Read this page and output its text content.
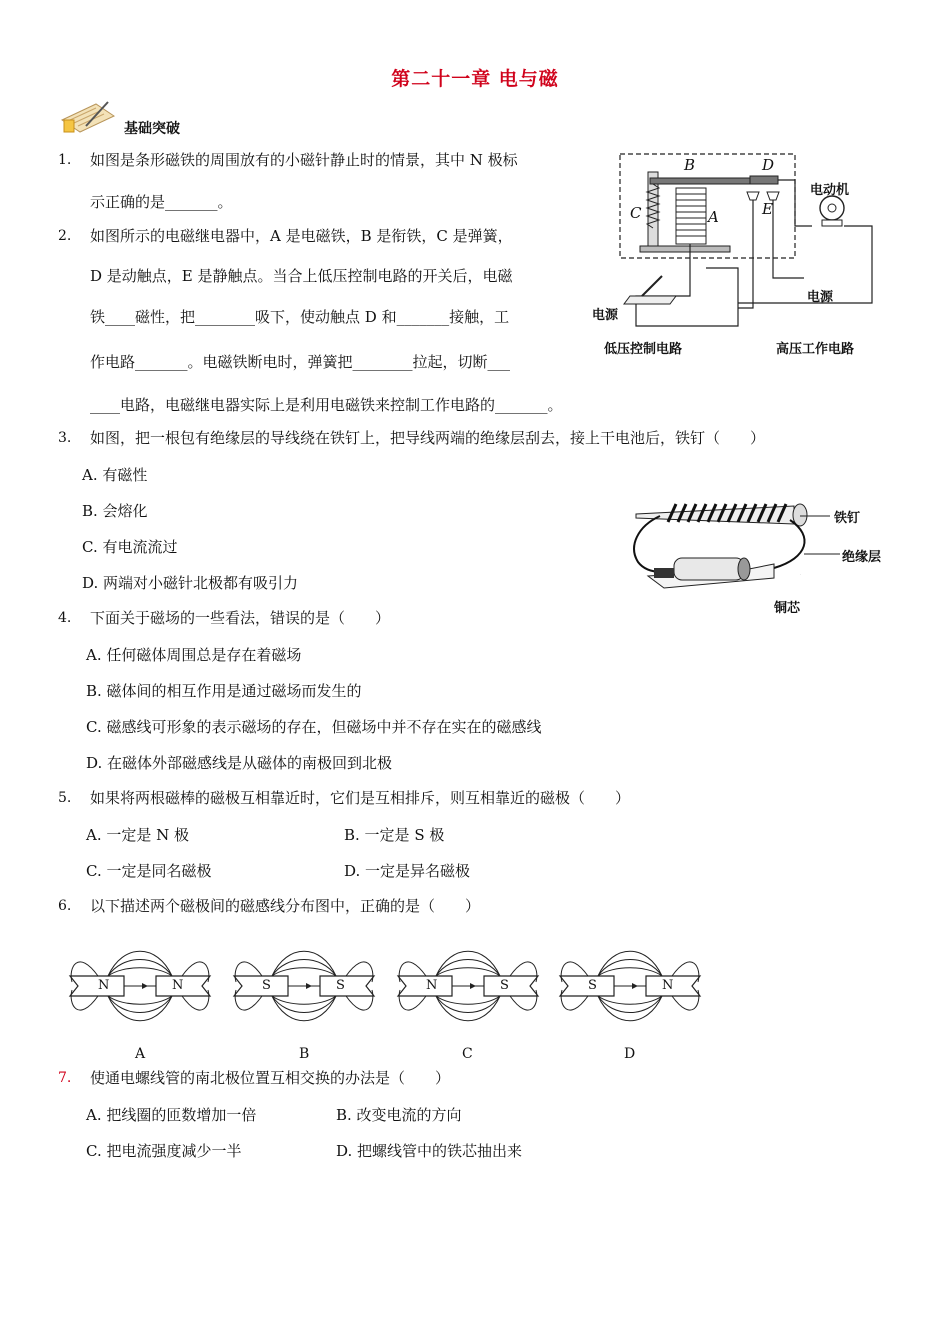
第二十一章 电与磁
基础突破
1. 如图是条形磁铁的周围放有的小磁针静止时的情景，其中 N 极标
示正确的是_______。
2. 如图所示的电磁继电器中，A 是电磁铁，B 是衔铁，C 是弹簧，
D 是动触点，E 是静触点。当合上低压控制电路的开关后，电磁
铁____磁性，把________吸下，使动触点 D 和_______接触，工
作电路_______。电磁铁断电时，弹簧把________拉起，切断___
____电路，电磁继电器实际上是利用电磁铁来控制工作电路的_______。
B	D
C	A	E
电动机
电源
电源
低压控制电路	高压工作电路
3. 如图，把一根包有绝缘层的导线绕在铁钉上，把导线两端的绝缘层刮去，接上干电池后，铁钉（　　）
A. 有磁性
B. 会熔化
C. 有电流流过
D. 两端对小磁针北极都有吸引力
铁钉
绝缘层
铜芯
4. 下面关于磁场的一些看法，错误的是（　　）
A. 任何磁体周围总是存在着磁场
B. 磁体间的相互作用是通过磁场而发生的
C. 磁感线可形象的表示磁场的存在，但磁场中并不存在实在的磁感线
D. 在磁体外部磁感线是从磁体的南极回到北极
5. 如果将两根磁棒的磁极互相靠近时，它们是互相排斥，则互相靠近的磁极（　　）
A. 一定是 N 极	B. 一定是 S 极
C. 一定是同名磁极	D. 一定是异名磁极
6. 以下描述两个磁极间的磁感线分布图中，正确的是（　　）
N	N	S	S	N	S	S	N
A	B	C	D
7. 使通电螺线管的南北极位置互相交换的办法是（　　）
A. 把线圈的匝数增加一倍	B. 改变电流的方向
C. 把电流强度减少一半	D. 把螺线管中的铁芯抽出来
